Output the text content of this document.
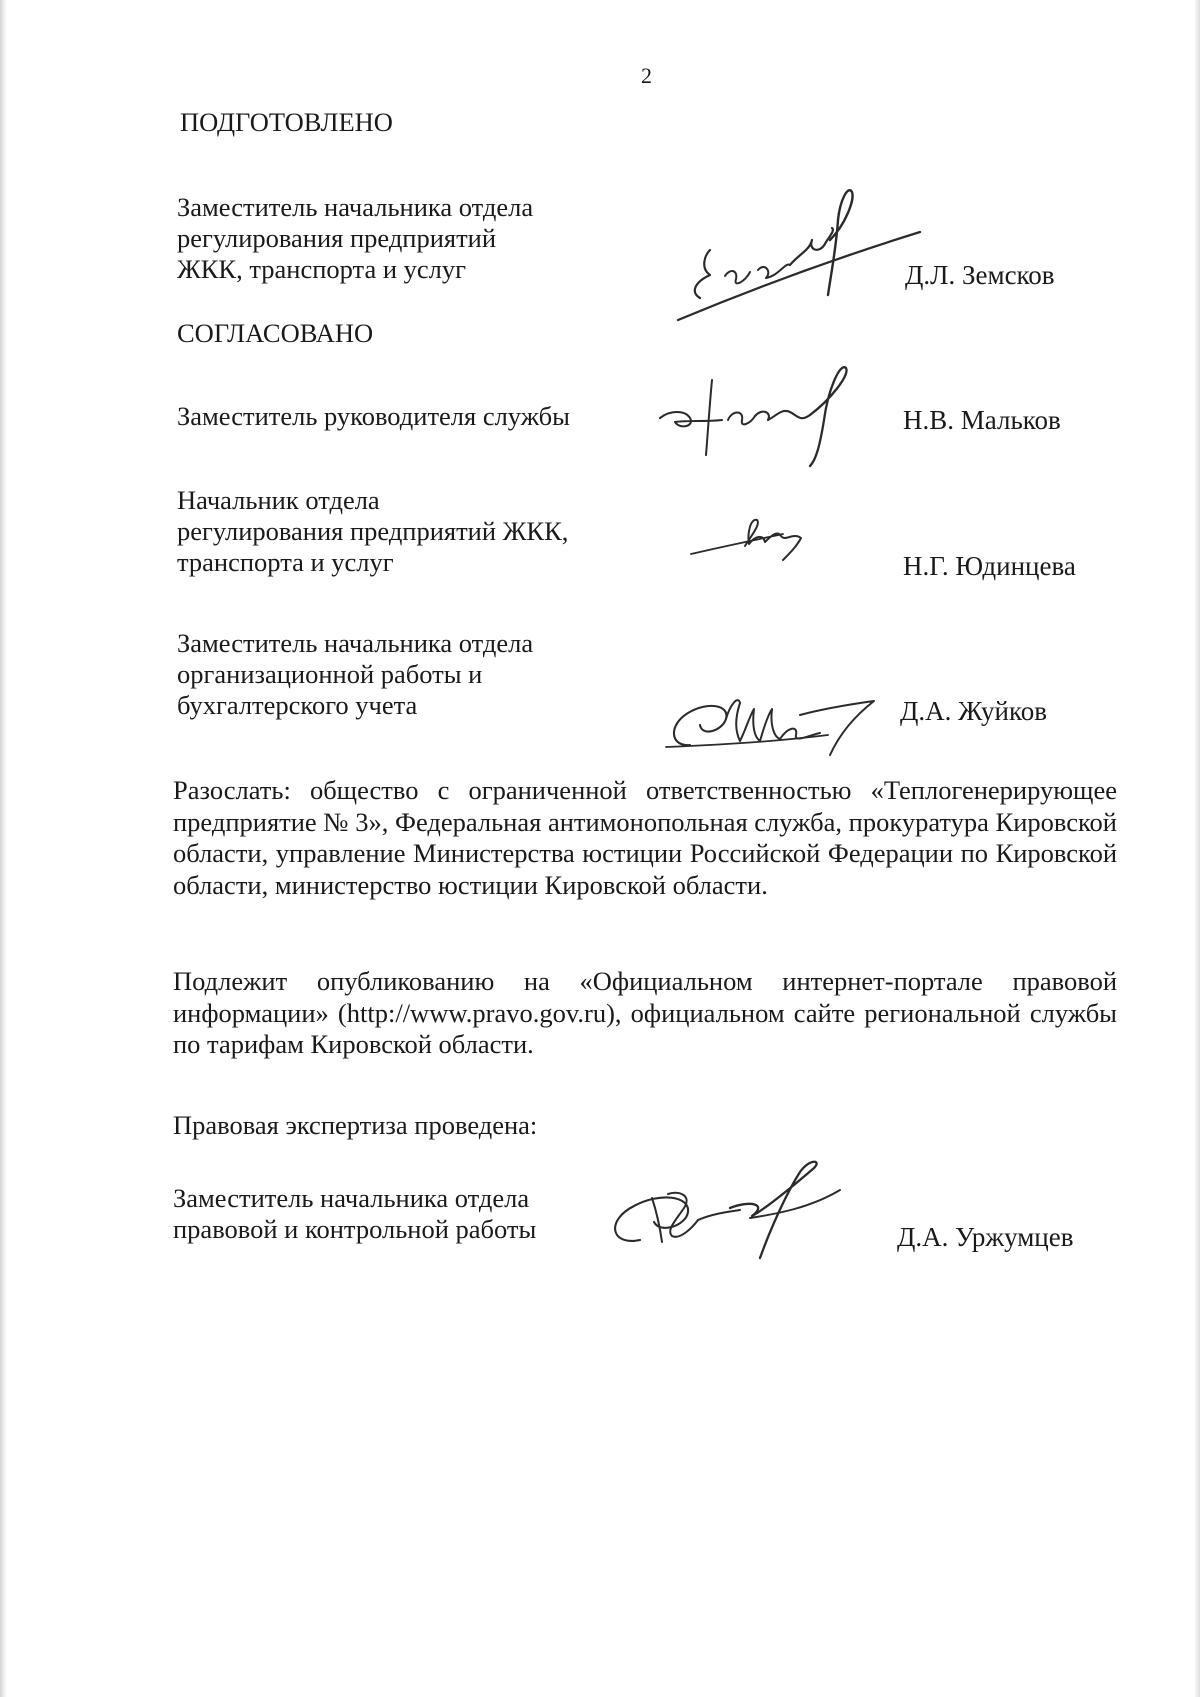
2
ПОДГОТОВЛЕНО
Заместитель начальника отдела
регулирования предприятий
ЖКК, транспорта и услуг	Д.Л. Земсков
СОГЛАСОВАНО
Заместитель руководителя службы	Н.В. Мальков
Начальник отдела
регулирования предприятий ЖКК,
транспорта и услуг	Н.Г. Юдинцева
Заместитель начальника отдела
организационной работы и
бухгалтерского учета	Д.А. Жуйков

Разослать: общество с ограниченной ответственностью «Теплогенерирующее предприятие № 3», Федеральная антимонопольная служба, прокуратура Кировской области, управление Министерства юстиции Российской Федерации по Кировской области, министерство юстиции Кировской области.

Подлежит опубликованию на «Официальном интернет-портале правовой информации» (http://www.pravo.gov.ru), официальном сайте региональной службы по тарифам Кировской области.

Правовая экспертиза проведена:
Заместитель начальника отдела
правовой и контрольной работы	Д.А. Уржумцев
